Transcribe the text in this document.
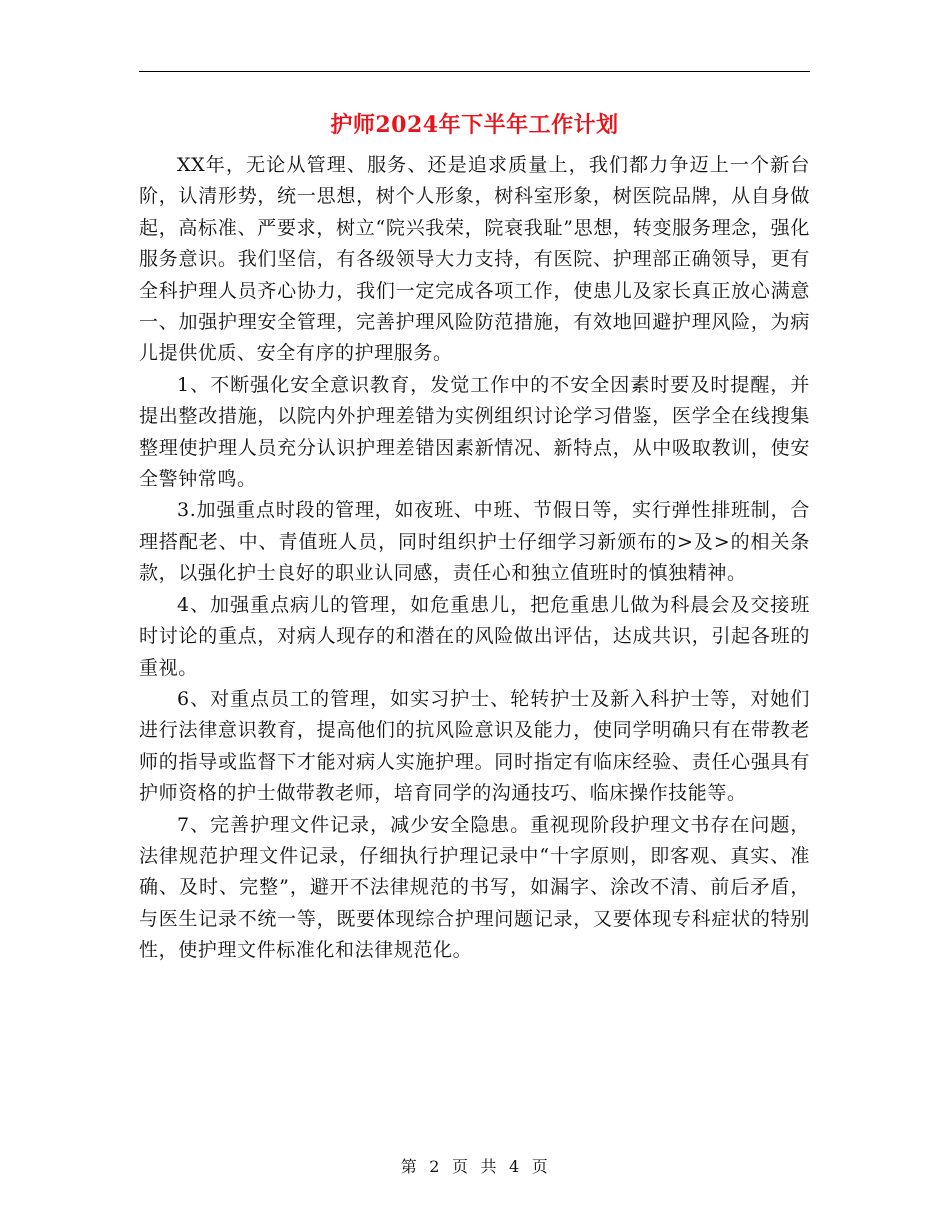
护师2024年下半年工作计划

XX年，无论从管理、服务、还是追求质量上，我们都力争迈上一个新台阶，认清形势，统一思想，树个人形象，树科室形象，树医院品牌，从自身做起，高标准、严要求，树立“院兴我荣，院衰我耻”思想，转变服务理念，强化服务意识。我们坚信，有各级领导大力支持，有医院、护理部正确领导，更有全科护理人员齐心协力，我们一定完成各项工作，使患儿及家长真正放心满意一、加强护理安全管理，完善护理风险防范措施，有效地回避护理风险，为病儿提供优质、安全有序的护理服务。

1、不断强化安全意识教育，发觉工作中的不安全因素时要及时提醒，并提出整改措施，以院内外护理差错为实例组织讨论学习借鉴，医学全在线搜集整理使护理人员充分认识护理差错因素新情况、新特点，从中吸取教训，使安全警钟常鸣。

3.加强重点时段的管理，如夜班、中班、节假日等，实行弹性排班制，合理搭配老、中、青值班人员，同时组织护士仔细学习新颁布的>及>的相关条款，以强化护士良好的职业认同感，责任心和独立值班时的慎独精神。

4、加强重点病儿的管理，如危重患儿，把危重患儿做为科晨会及交接班时讨论的重点，对病人现存的和潜在的风险做出评估，达成共识，引起各班的重视。

6、对重点员工的管理，如实习护士、轮转护士及新入科护士等，对她们进行法律意识教育，提高他们的抗风险意识及能力，使同学明确只有在带教老师的指导或监督下才能对病人实施护理。同时指定有临床经验、责任心强具有护师资格的护士做带教老师，培育同学的沟通技巧、临床操作技能等。

7、完善护理文件记录，减少安全隐患。重视现阶段护理文书存在问题，法律规范护理文件记录，仔细执行护理记录中“十字原则，即客观、真实、准确、及时、完整”，避开不法律规范的书写，如漏字、涂改不清、前后矛盾，与医生记录不统一等，既要体现综合护理问题记录，又要体现专科症状的特别性，使护理文件标准化和法律规范化。

第 2 页 共 4 页
